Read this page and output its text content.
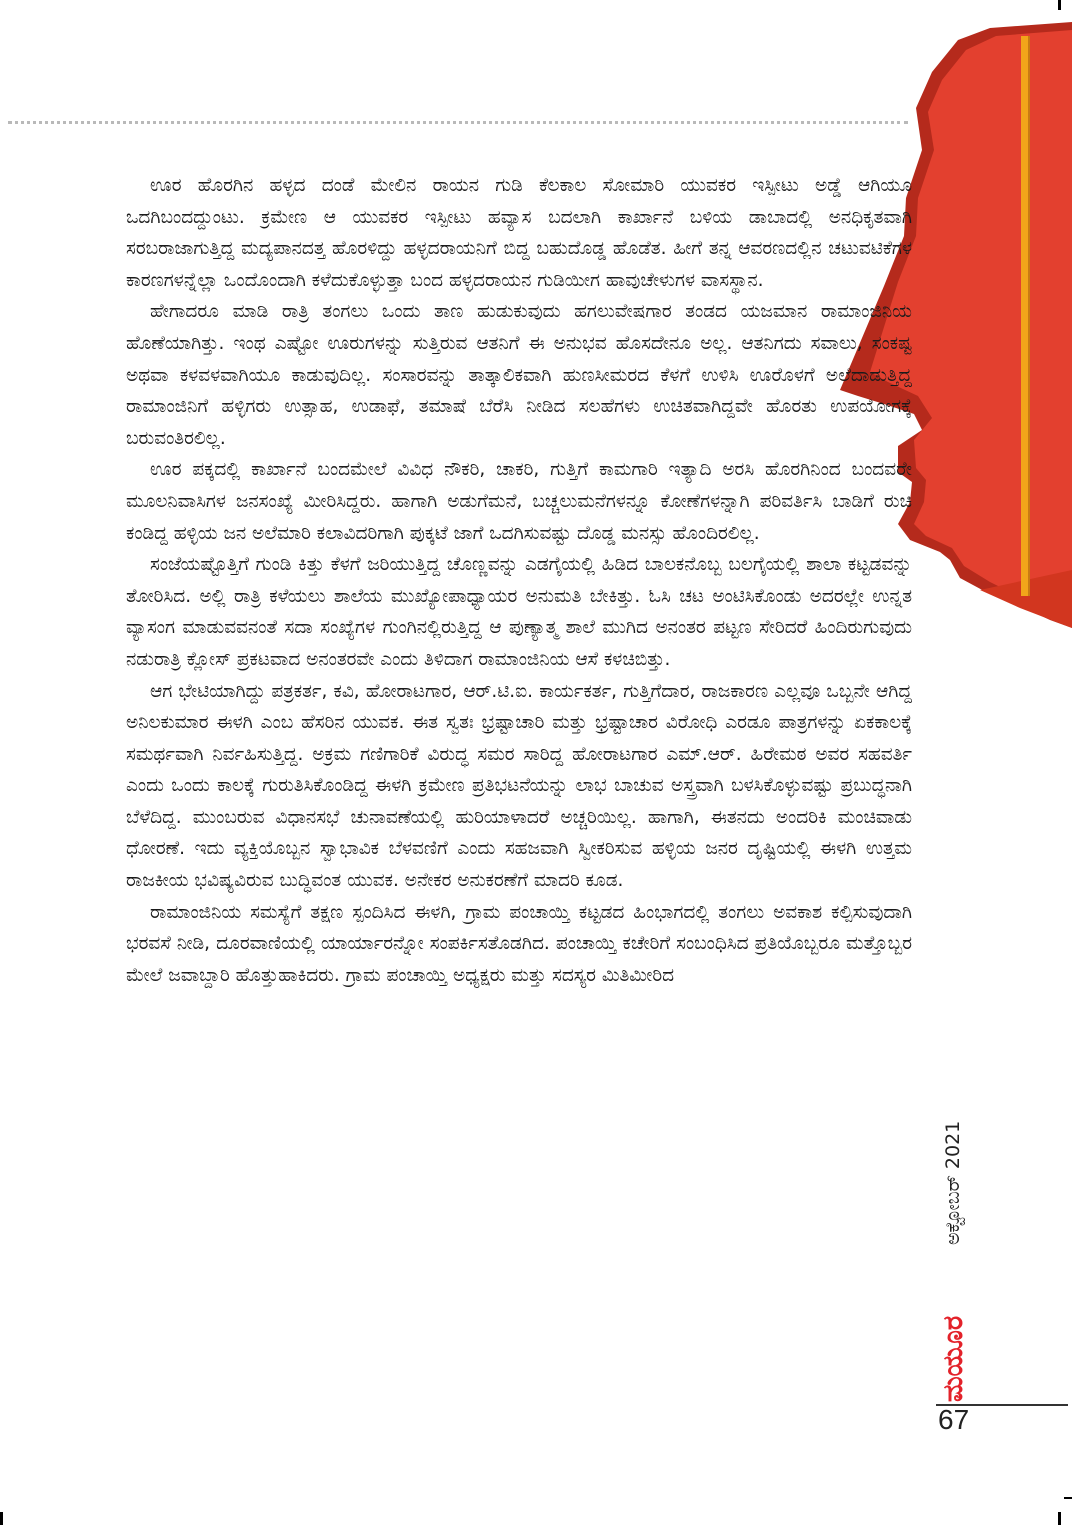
ಊರ ಹೊರಗಿನ ಹಳ್ಳದ ದಂಡೆ ಮೇಲಿನ ರಾಯನ ಗುಡಿ ಕೆಲಕಾಲ ಸೋಮಾರಿ ಯುವಕರ ಇಸ್ಪೀಟು ಅಡ್ಡೆ ಆಗಿಯೂ ಒದಗಿಬಂದದ್ದುಂಟು. ಕ್ರಮೇಣ ಆ ಯುವಕರ ಇಸ್ಪೀಟು ಹವ್ಯಾಸ ಬದಲಾಗಿ ಕಾರ್ಖಾನೆ ಬಳಿಯ ಡಾಬಾದಲ್ಲಿ ಅನಧಿಕೃತವಾಗಿ ಸರಬರಾಜಾಗುತ್ತಿದ್ದ ಮದ್ಯಪಾನದತ್ತ ಹೊರಳಿದ್ದು ಹಳ್ಳದರಾಯನಿಗೆ ಬಿದ್ದ ಬಹುದೊಡ್ಡ ಹೊಡೆತ. ಹೀಗೆ ತನ್ನ ಆವರಣದಲ್ಲಿನ ಚಟುವಟಿಕೆಗಳ ಕಾರಣಗಳನ್ನೆಲ್ಲಾ ಒಂದೊಂದಾಗಿ ಕಳೆದುಕೊಳ್ಳುತ್ತಾ ಬಂದ ಹಳ್ಳದರಾಯನ ಗುಡಿಯೀಗ ಹಾವುಚೇಳುಗಳ ವಾಸಸ್ಥಾನ.

ಹೇಗಾದರೂ ಮಾಡಿ ರಾತ್ರಿ ತಂಗಲು ಒಂದು ತಾಣ ಹುಡುಕುವುದು ಹಗಲುವೇಷಗಾರ ತಂಡದ ಯಜಮಾನ ರಾಮಾಂಜಿನಿಯ ಹೊಣೆಯಾಗಿತ್ತು. ಇಂಥ ಎಷ್ಟೋ ಊರುಗಳನ್ನು ಸುತ್ತಿರುವ ಆತನಿಗೆ ಈ ಅನುಭವ ಹೊಸದೇನೂ ಅಲ್ಲ. ಆತನಿಗದು ಸವಾಲು, ಸಂಕಷ್ಟ ಅಥವಾ ಕಳವಳವಾಗಿಯೂ ಕಾಡುವುದಿಲ್ಲ. ಸಂಸಾರವನ್ನು ತಾತ್ಕಾಲಿಕವಾಗಿ ಹುಣಸೀಮರದ ಕೆಳಗೆ ಉಳಿಸಿ ಊರೊಳಗೆ ಅಲೆದಾಡುತ್ತಿದ್ದ ರಾಮಾಂಜಿನಿಗೆ ಹಳ್ಳಿಗರು ಉತ್ಸಾಹ, ಉಡಾಫೆ, ತಮಾಷೆ ಬೆರೆಸಿ ನೀಡಿದ ಸಲಹೆಗಳು ಉಚಿತವಾಗಿದ್ದವೇ ಹೊರತು ಉಪಯೋಗಕ್ಕೆ ಬರುವಂತಿರಲಿಲ್ಲ.

ಊರ ಪಕ್ಕದಲ್ಲಿ ಕಾರ್ಖಾನೆ ಬಂದಮೇಲೆ ವಿವಿಧ ನೌಕರಿ, ಚಾಕರಿ, ಗುತ್ತಿಗೆ ಕಾಮಗಾರಿ ಇತ್ಯಾದಿ ಅರಸಿ ಹೊರಗಿನಿಂದ ಬಂದವರೇ ಮೂಲನಿವಾಸಿಗಳ ಜನಸಂಖ್ಯೆ ಮೀರಿಸಿದ್ದರು. ಹಾಗಾಗಿ ಅಡುಗೆಮನೆ, ಬಚ್ಚಲುಮನೆಗಳನ್ನೂ ಕೋಣೆಗಳನ್ನಾಗಿ ಪರಿವರ್ತಿಸಿ ಬಾಡಿಗೆ ರುಚಿ ಕಂಡಿದ್ದ ಹಳ್ಳಿಯ ಜನ ಅಲೆಮಾರಿ ಕಲಾವಿದರಿಗಾಗಿ ಪುಕ್ಕಟೆ ಜಾಗೆ ಒದಗಿಸುವಷ್ಟು ದೊಡ್ಡ ಮನಸ್ಸು ಹೊಂದಿರಲಿಲ್ಲ.

ಸಂಜೆಯಷ್ಟೊತ್ತಿಗೆ ಗುಂಡಿ ಕಿತ್ತು ಕೆಳಗೆ ಜರಿಯುತ್ತಿದ್ದ ಚೊಣ್ಣವನ್ನು ಎಡಗೈಯಲ್ಲಿ ಹಿಡಿದ ಬಾಲಕನೊಬ್ಬ ಬಲಗೈಯಲ್ಲಿ ಶಾಲಾ ಕಟ್ಟಡವನ್ನು ತೋರಿಸಿದ. ಅಲ್ಲಿ ರಾತ್ರಿ ಕಳೆಯಲು ಶಾಲೆಯ ಮುಖ್ಯೋಪಾಧ್ಯಾಯರ ಅನುಮತಿ ಬೇಕಿತ್ತು. ಓಸಿ ಚಟ ಅಂಟಿಸಿಕೊಂಡು ಅದರಲ್ಲೇ ಉನ್ನತ ವ್ಯಾಸಂಗ ಮಾಡುವವನಂತೆ ಸದಾ ಸಂಖ್ಯೆಗಳ ಗುಂಗಿನಲ್ಲಿರುತ್ತಿದ್ದ ಆ ಪುಣ್ಯಾತ್ಮ ಶಾಲೆ ಮುಗಿದ ಅನಂತರ ಪಟ್ಟಣ ಸೇರಿದರೆ ಹಿಂದಿರುಗುವುದು ನಡುರಾತ್ರಿ ಕ್ಲೋಸ್ ಪ್ರಕಟವಾದ ಅನಂತರವೇ ಎಂದು ತಿಳಿದಾಗ ರಾಮಾಂಜಿನಿಯ ಆಸೆ ಕಳಚಿಬಿತ್ತು.

ಆಗ ಭೇಟಿಯಾಗಿದ್ದು ಪತ್ರಕರ್ತ, ಕವಿ, ಹೋರಾಟಗಾರ, ಆರ್.ಟಿ.ಐ. ಕಾರ್ಯಕರ್ತ, ಗುತ್ತಿಗೆದಾರ, ರಾಜಕಾರಣ ಎಲ್ಲವೂ ಒಬ್ಬನೇ ಆಗಿದ್ದ ಅನಿಲಕುಮಾರ ಈಳಗಿ ಎಂಬ ಹೆಸರಿನ ಯುವಕ. ಈತ ಸ್ವತಃ ಭ್ರಷ್ಟಾಚಾರಿ ಮತ್ತು ಭ್ರಷ್ಟಾಚಾರ ವಿರೋಧಿ ಎರಡೂ ಪಾತ್ರಗಳನ್ನು ಏಕಕಾಲಕ್ಕೆ ಸಮರ್ಥವಾಗಿ ನಿರ್ವಹಿಸುತ್ತಿದ್ದ. ಅಕ್ರಮ ಗಣಿಗಾರಿಕೆ ವಿರುದ್ಧ ಸಮರ ಸಾರಿದ್ದ ಹೋರಾಟಗಾರ ಎಮ್.ಆರ್. ಹಿರೇಮಠ ಅವರ ಸಹವರ್ತಿ ಎಂದು ಒಂದು ಕಾಲಕ್ಕೆ ಗುರುತಿಸಿಕೊಂಡಿದ್ದ ಈಳಗಿ ಕ್ರಮೇಣ ಪ್ರತಿಭಟನೆಯನ್ನು ಲಾಭ ಬಾಚುವ ಅಸ್ತ್ರವಾಗಿ ಬಳಸಿಕೊಳ್ಳುವಷ್ಟು ಪ್ರಬುದ್ಧನಾಗಿ ಬೆಳೆದಿದ್ದ. ಮುಂಬರುವ ವಿಧಾನಸಭೆ ಚುನಾವಣೆಯಲ್ಲಿ ಹುರಿಯಾಳಾದರೆ ಅಚ್ಚರಿಯಿಲ್ಲ. ಹಾಗಾಗಿ, ಈತನದು ಅಂದರಿಕಿ ಮಂಚಿವಾಡು ಧೋರಣೆ. ಇದು ವ್ಯಕ್ತಿಯೊಬ್ಬನ ಸ್ವಾಭಾವಿಕ ಬೆಳವಣಿಗೆ ಎಂದು ಸಹಜವಾಗಿ ಸ್ವೀಕರಿಸುವ ಹಳ್ಳಿಯ ಜನರ ದೃಷ್ಟಿಯಲ್ಲಿ ಈಳಗಿ ಉತ್ತಮ ರಾಜಕೀಯ ಭವಿಷ್ಯವಿರುವ ಬುದ್ಧಿವಂತ ಯುವಕ. ಅನೇಕರ ಅನುಕರಣೆಗೆ ಮಾದರಿ ಕೂಡ.

ರಾಮಾಂಜಿನಿಯ ಸಮಸ್ಯೆಗೆ ತಕ್ಷಣ ಸ್ಪಂದಿಸಿದ ಈಳಗಿ, ಗ್ರಾಮ ಪಂಚಾಯ್ತಿ ಕಟ್ಟಡದ ಹಿಂಭಾಗದಲ್ಲಿ ತಂಗಲು ಅವಕಾಶ ಕಲ್ಪಿಸುವುದಾಗಿ ಭರವಸೆ ನೀಡಿ, ದೂರವಾಣಿಯಲ್ಲಿ ಯಾರ್ಯಾರನ್ನೋ ಸಂಪರ್ಕಿಸತೊಡಗಿದ. ಪಂಚಾಯ್ತಿ ಕಚೇರಿಗೆ ಸಂಬಂಧಿಸಿದ ಪ್ರತಿಯೊಬ್ಬರೂ ಮತ್ತೊಬ್ಬರ ಮೇಲೆ ಜವಾಬ್ದಾರಿ ಹೊತ್ತುಹಾಕಿದರು. ಗ್ರಾಮ ಪಂಚಾಯ್ತಿ ಅಧ್ಯಕ್ಷರು ಮತ್ತು ಸದಸ್ಯರ ಮಿತಿಮೀರಿದ

ಅಕ್ಟೋಬರ್ 2021
ಮಯೂರ
67
